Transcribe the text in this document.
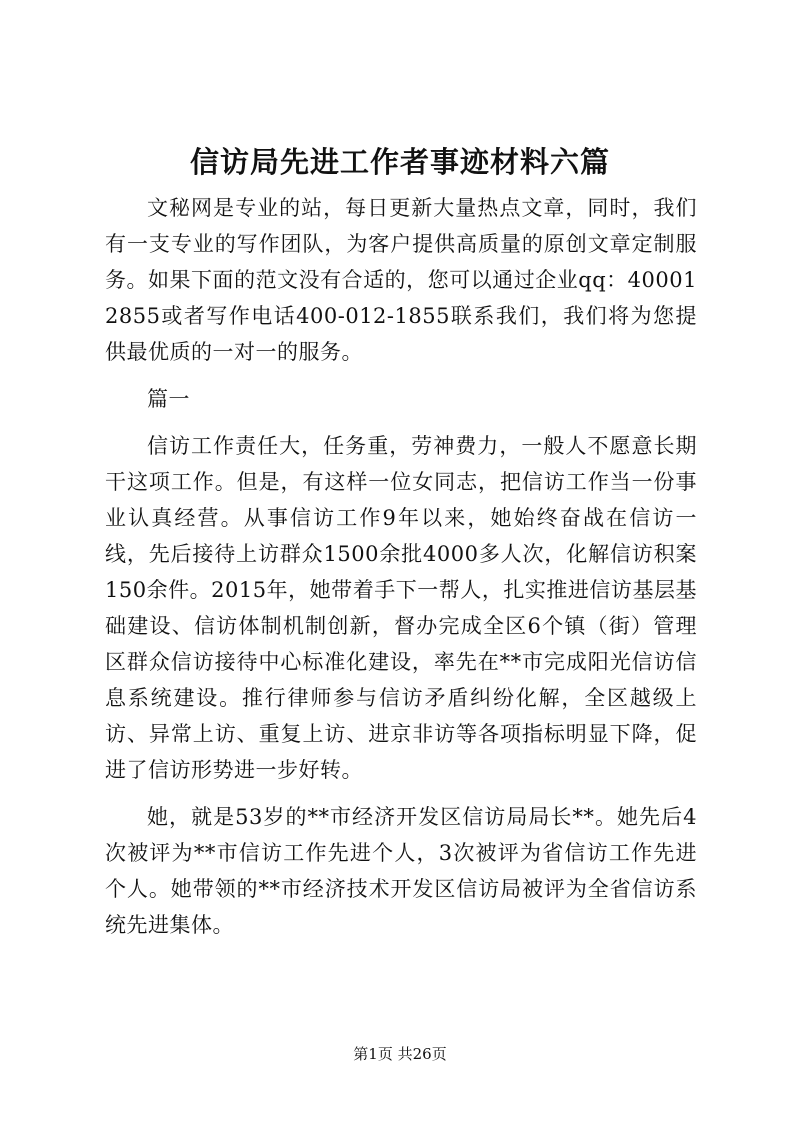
信访局先进工作者事迹材料六篇

文秘网是专业的站，每日更新大量热点文章，同时，我们有一支专业的写作团队，为客户提供高质量的原创文章定制服务。如果下面的范文没有合适的，您可以通过企业qq：400012855或者写作电话400-012-1855联系我们，我们将为您提供最优质的一对一的服务。

篇一

信访工作责任大，任务重，劳神费力，一般人不愿意长期干这项工作。但是，有这样一位女同志，把信访工作当一份事业认真经营。从事信访工作9年以来，她始终奋战在信访一线，先后接待上访群众1500余批4000多人次，化解信访积案150余件。2015年，她带着手下一帮人，扎实推进信访基层基础建设、信访体制机制创新，督办完成全区6个镇（街）管理区群众信访接待中心标准化建设，率先在**市完成阳光信访信息系统建设。推行律师参与信访矛盾纠纷化解，全区越级上访、异常上访、重复上访、进京非访等各项指标明显下降，促进了信访形势进一步好转。

她，就是53岁的**市经济开发区信访局局长**。她先后4次被评为**市信访工作先进个人，3次被评为省信访工作先进个人。她带领的**市经济技术开发区信访局被评为全省信访系统先进集体。

第1页 共26页
